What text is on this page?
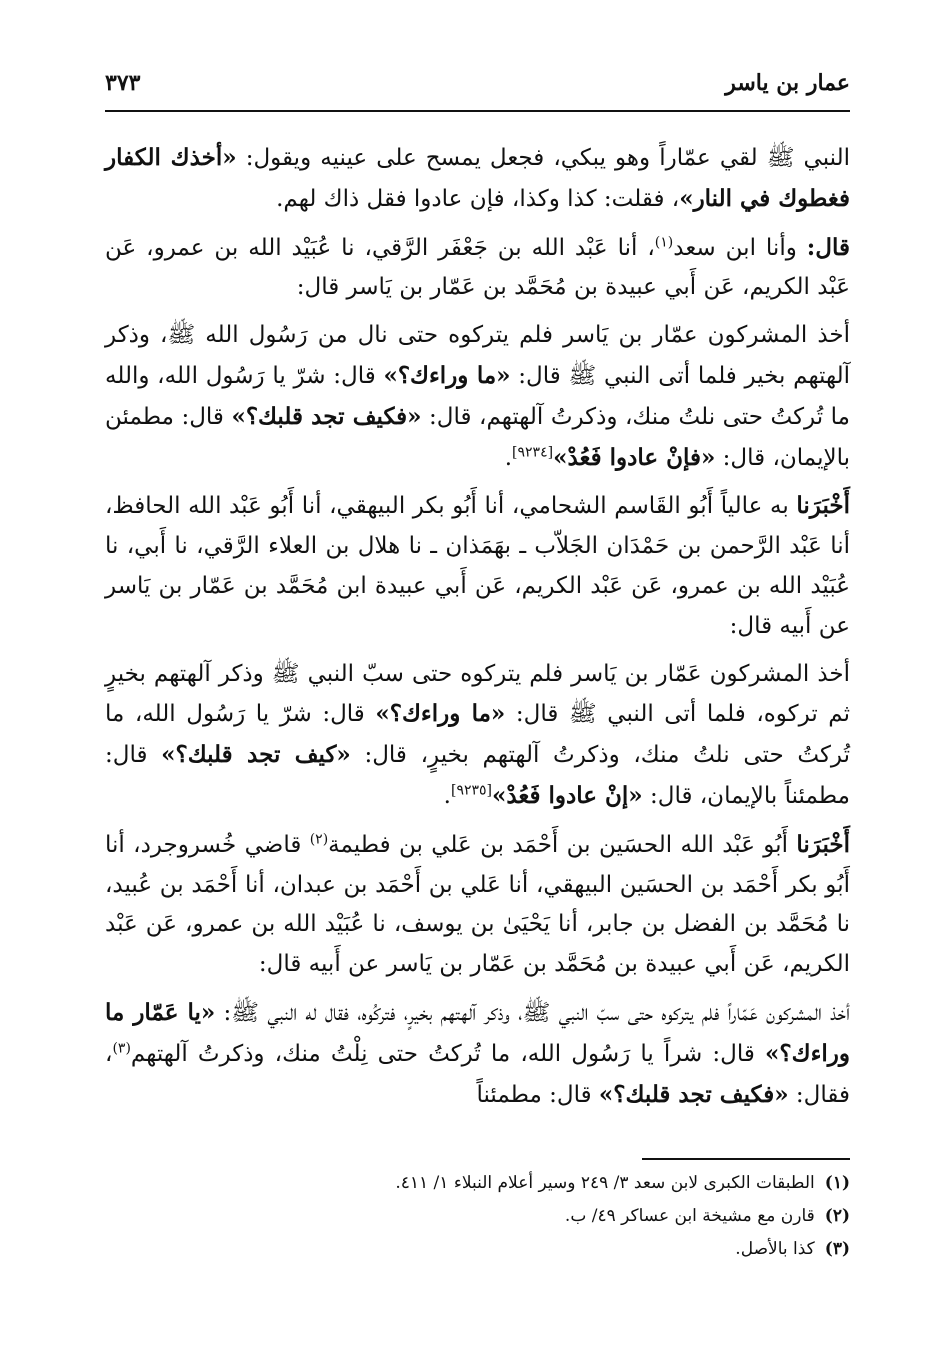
عمار بن ياسر
٣٧٣

النبي ﷺ لقي عمّاراً وهو يبكي، فجعل يمسح على عينيه ويقول: «أخذك الكفار فغطوك في النار»، فقلت: كذا وكذا، فإن عادوا فقل ذاك لهم.

قال: وأنا ابن سعد$^{(١)}$، أنا عَبْد الله بن جَعْفَر الرَّقي، نا عُبَيْد الله بن عمرو، عَن عَبْد الكريم، عَن أَبي عبيدة بن مُحَمَّد بن عَمّار بن يَاسر قال:

أخذ المشركون عمّار بن يَاسر فلم يتركوه حتى نال من رَسُول الله ﷺ، وذكر آلهتهم بخير فلما أتى النبي ﷺ قال: «ما وراءك؟» قال: شرّ يا رَسُول الله، والله ما تُركتُ حتى نلتُ منك، وذكرتُ آلهتهم، قال: «فكيف تجد قلبك؟» قال: مطمئن بالإيمان، قال: «فإنْ عادوا فَعُدْ»[٩٢٣٤].

أَخْبَرَنا به عالياً أَبُو القَاسم الشحامي، أنا أَبُو بكر البيهقي، أنا أَبُو عَبْد الله الحافظ، أنا عَبْد الرَّحمن بن حَمْدَان الجَلاّب ـ بهَمَذان ـ نا هلال بن العلاء الرَّقي، نا أَبي، نا عُبَيْد الله بن عمرو، عَن عَبْد الكريم، عَن أَبي عبيدة ابن مُحَمَّد بن عَمّار بن يَاسر عن أَبيه قال:

أخذ المشركون عَمّار بن يَاسر فلم يتركوه حتى سبّ النبي ﷺ وذكر آلهتهم بخيرٍ ثم تركوه، فلما أتى النبي ﷺ قال: «ما وراءك؟» قال: شرّ يا رَسُول الله، ما تُركتُ حتى نلتُ منك، وذكرتُ آلهتهم بخيرٍ، قال: «كيف تجد قلبك؟» قال: مطمئناً بالإيمان، قال: «إنْ عادوا فَعُدْ»[٩٢٣٥].

أَخْبَرَنا أَبُو عَبْد الله الحسَين بن أَحْمَد بن عَلي بن فطيمة$^{(٢)}$ قاضي خُسروجرد، أنا أَبُو بكر أَحْمَد بن الحسَين البيهقي، أنا عَلي بن أَحْمَد بن عبدان، أنا أَحْمَد بن عُبيد، نا مُحَمَّد بن الفضل بن جابر، أنا يَحْيَىٰ بن يوسف، نا عُبَيْد الله بن عمرو، عَن عَبْد الكريم، عَن أَبي عبيدة بن مُحَمَّد بن عَمّار بن يَاسر عن أَبيه قال:

أخذ المشركون عَمّاراً فلم يتركوه حتى سبّ النبي ﷺ، وذكر آلهتهم بخيرٍ، فتركُوه، فقال له النبي ﷺ: «يا عَمّار ما وراءك؟» قال: شراً يا رَسُول الله، ما تُركتُ حتى نِلْتُ منك، وذكرتُ آلهتهم$^{(٣)}$، فقال: «فكيف تجد قلبك؟» قال: مطمئناً

(١)الطبقات الكبرى لابن سعد ٣/ ٢٤٩ وسير أعلام النبلاء ١/ ٤١١.

(٢)قارن مع مشيخة ابن عساكر ٤٩/ ب.

(٣)كذا بالأصل.
